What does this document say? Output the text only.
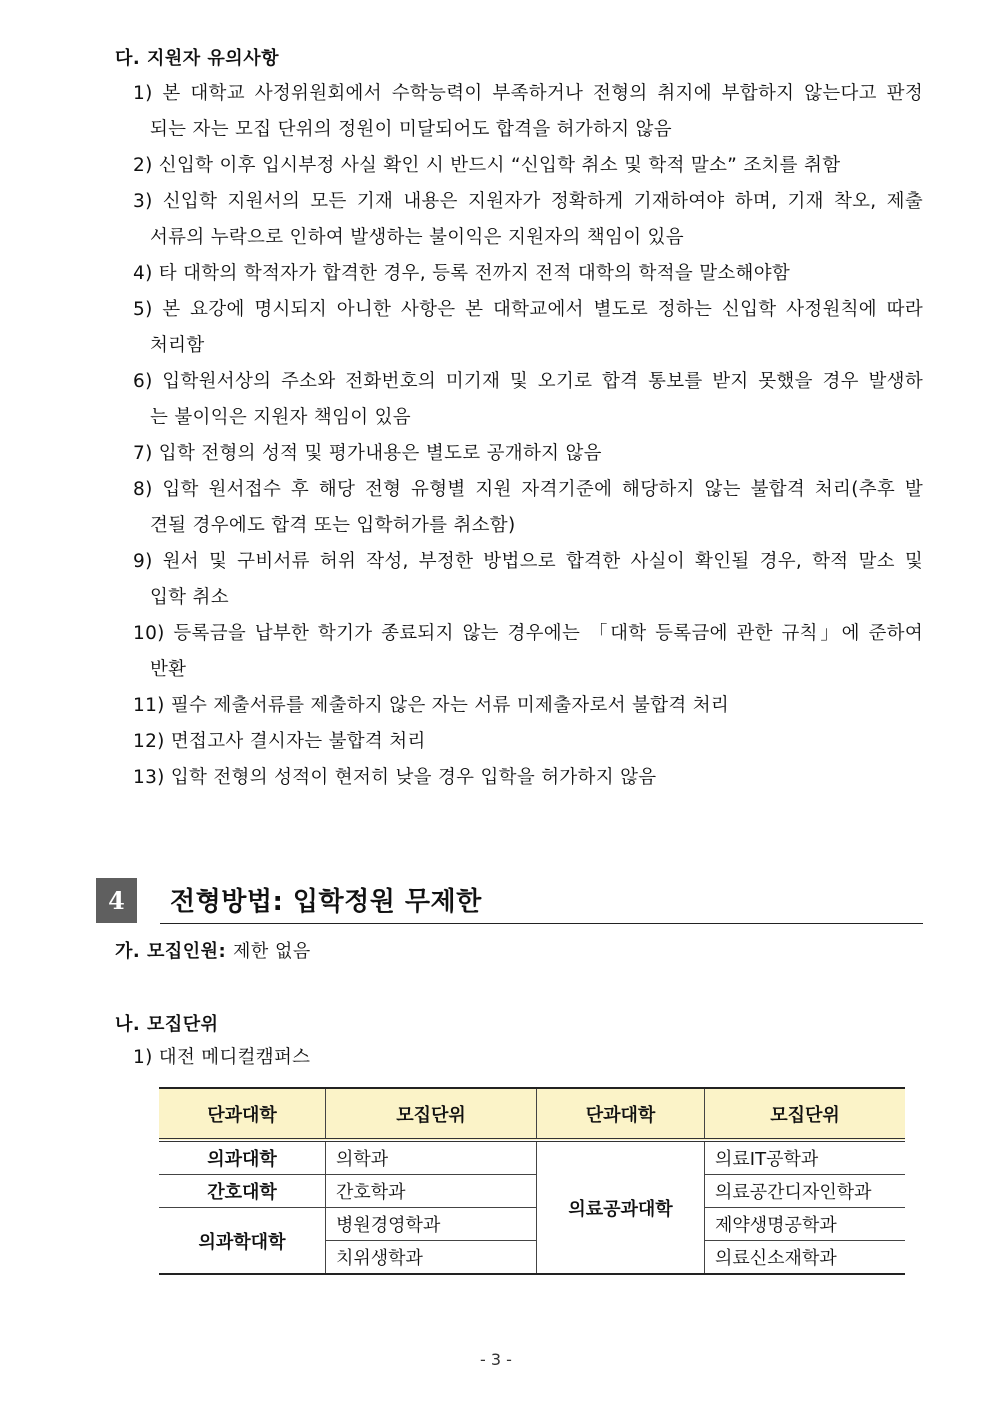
다. 지원자 유의사항
1) 본 대학교 사정위원회에서 수학능력이 부족하거나 전형의 취지에 부합하지 않는다고 판정
되는 자는 모집 단위의 정원이 미달되어도 합격을 허가하지 않음
2) 신입학 이후 입시부정 사실 확인 시 반드시 “신입학 취소 및 학적 말소” 조치를 취함
3) 신입학 지원서의 모든 기재 내용은 지원자가 정확하게 기재하여야 하며, 기재 착오, 제출
서류의 누락으로 인하여 발생하는 불이익은 지원자의 책임이 있음
4) 타 대학의 학적자가 합격한 경우, 등록 전까지 전적 대학의 학적을 말소해야함
5) 본 요강에 명시되지 아니한 사항은 본 대학교에서 별도로 정하는 신입학 사정원칙에 따라
처리함
6) 입학원서상의 주소와 전화번호의 미기재 및 오기로 합격 통보를 받지 못했을 경우 발생하
는 불이익은 지원자 책임이 있음
7) 입학 전형의 성적 및 평가내용은 별도로 공개하지 않음
8) 입학 원서접수 후 해당 전형 유형별 지원 자격기준에 해당하지 않는 불합격 처리(추후 발
견될 경우에도 합격 또는 입학허가를 취소함)
9) 원서 및 구비서류 허위 작성, 부정한 방법으로 합격한 사실이 확인될 경우, 학적 말소 및
입학 취소
10) 등록금을 납부한 학기가 종료되지 않는 경우에는 「대학 등록금에 관한 규칙」에 준하여
반환
11) 필수 제출서류를 제출하지 않은 자는 서류 미제출자로서 불합격 처리
12) 면접고사 결시자는 불합격 처리
13) 입학 전형의 성적이 현저히 낮을 경우 입학을 허가하지 않음
4	전형방법: 입학정원 무제한
가. 모집인원: 제한 없음
나. 모집단위
1) 대전 메디컬캠퍼스
단과대학	모집단위	단과대학	모집단위
의과대학	의학과	의료공과대학	의료IT공학과
간호대학	간호학과		의료공간디자인학과
의과학대학	병원경영학과		제약생명공학과
	치위생학과		의료신소재학과
- 3 -
